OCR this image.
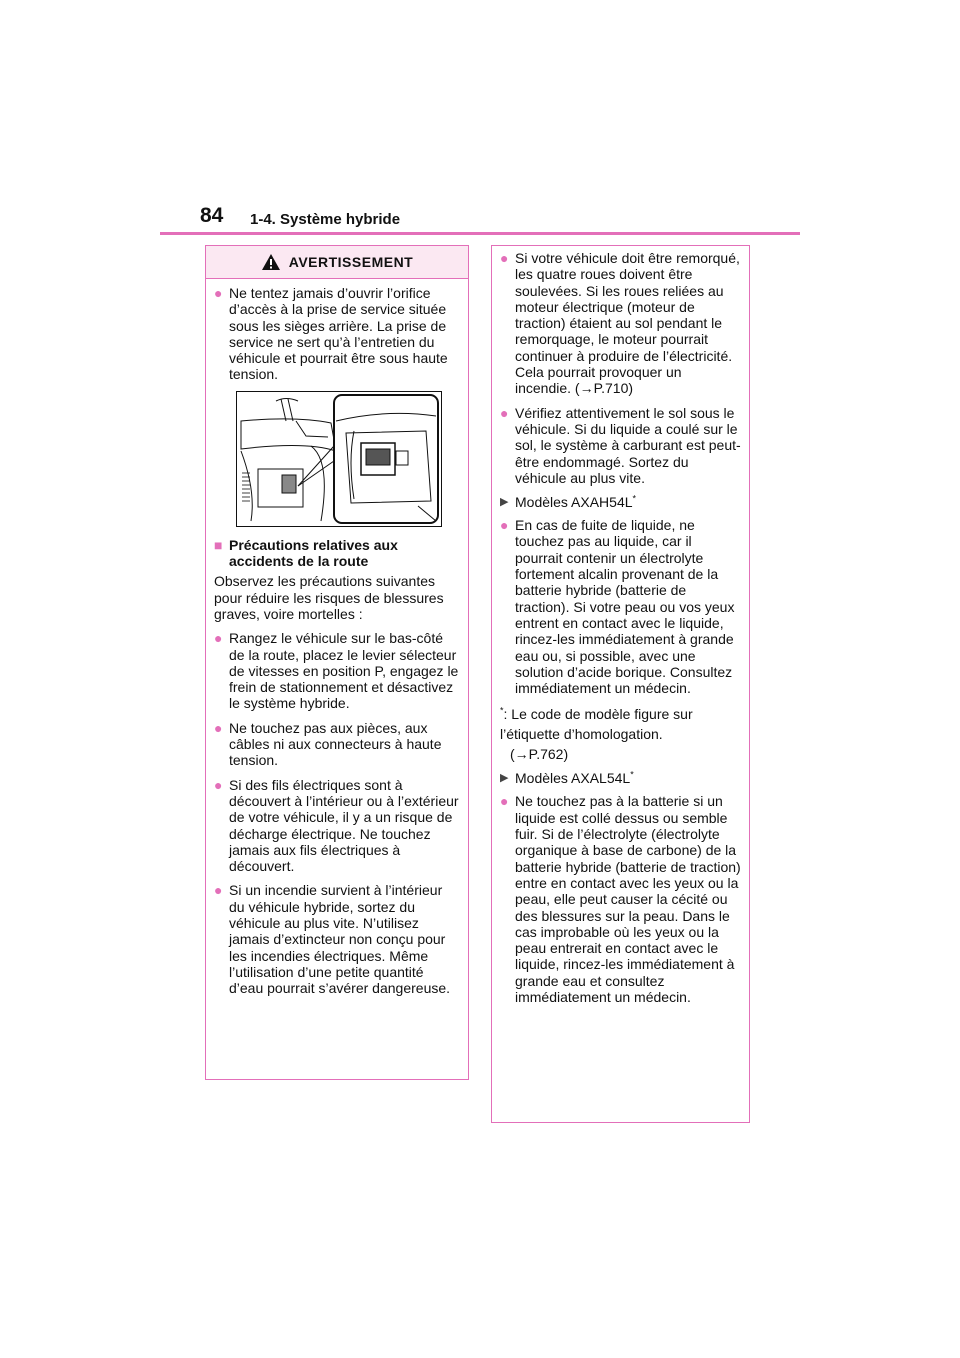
84 1-4. Système hybride
AVERTISSEMENT
● Ne tentez jamais d’ouvrir l’orifice d’accès à la prise de service située sous les sièges arrière. La prise de service ne sert qu’à l’entretien du véhicule et pourrait être sous haute tension.
■ Précautions relatives aux accidents de la route

Observez les précautions suivantes pour réduire les risques de blessures graves, voire mortelles :

● Rangez le véhicule sur le bas-côté de la route, placez le levier sélecteur de vitesses en position P, engagez le frein de stationnement et désactivez le système hybride.
● Ne touchez pas aux pièces, aux câbles ni aux connecteurs à haute tension.
● Si des fils électriques sont à découvert à l’intérieur ou à l’extérieur de votre véhicule, il y a un risque de décharge électrique. Ne touchez jamais aux fils électriques à découvert.
● Si un incendie survient à l’intérieur du véhicule hybride, sortez du véhicule au plus vite. N’utilisez jamais d’extincteur non conçu pour les incendies électriques. Même l’utilisation d’une petite quantité d’eau pourrait s’avérer dangereuse.
● Si votre véhicule doit être remorqué, les quatre roues doivent être soulevées. Si les roues reliées au moteur électrique (moteur de traction) étaient au sol pendant le remorquage, le moteur pourrait continuer à produire de l’électricité. Cela pourrait provoquer un incendie. (→P.710)
● Vérifiez attentivement le sol sous le véhicule. Si du liquide a coulé sur le sol, le système à carburant est peut-être endommagé. Sortez du véhicule au plus vite.
▶ Modèles AXAH54L*
● En cas de fuite de liquide, ne touchez pas au liquide, car il pourrait contenir un électrolyte fortement alcalin provenant de la batterie hybride (batterie de traction). Si votre peau ou vos yeux entrent en contact avec le liquide, rincez-les immédiatement à grande eau ou, si possible, avec une solution d’acide borique. Consultez immédiatement un médecin.
*: Le code de modèle figure sur l’étiquette d’homologation.
(→P.762)
▶ Modèles AXAL54L*
● Ne touchez pas à la batterie si un liquide est collé dessus ou semble fuir. Si de l’électrolyte (électrolyte organique à base de carbone) de la batterie hybride (batterie de traction) entre en contact avec les yeux ou la peau, elle peut causer la cécité ou des blessures sur la peau. Dans le cas improbable où les yeux ou la peau entrerait en contact avec le liquide, rincez-les immédiatement à grande eau et consultez immédiatement un médecin.
